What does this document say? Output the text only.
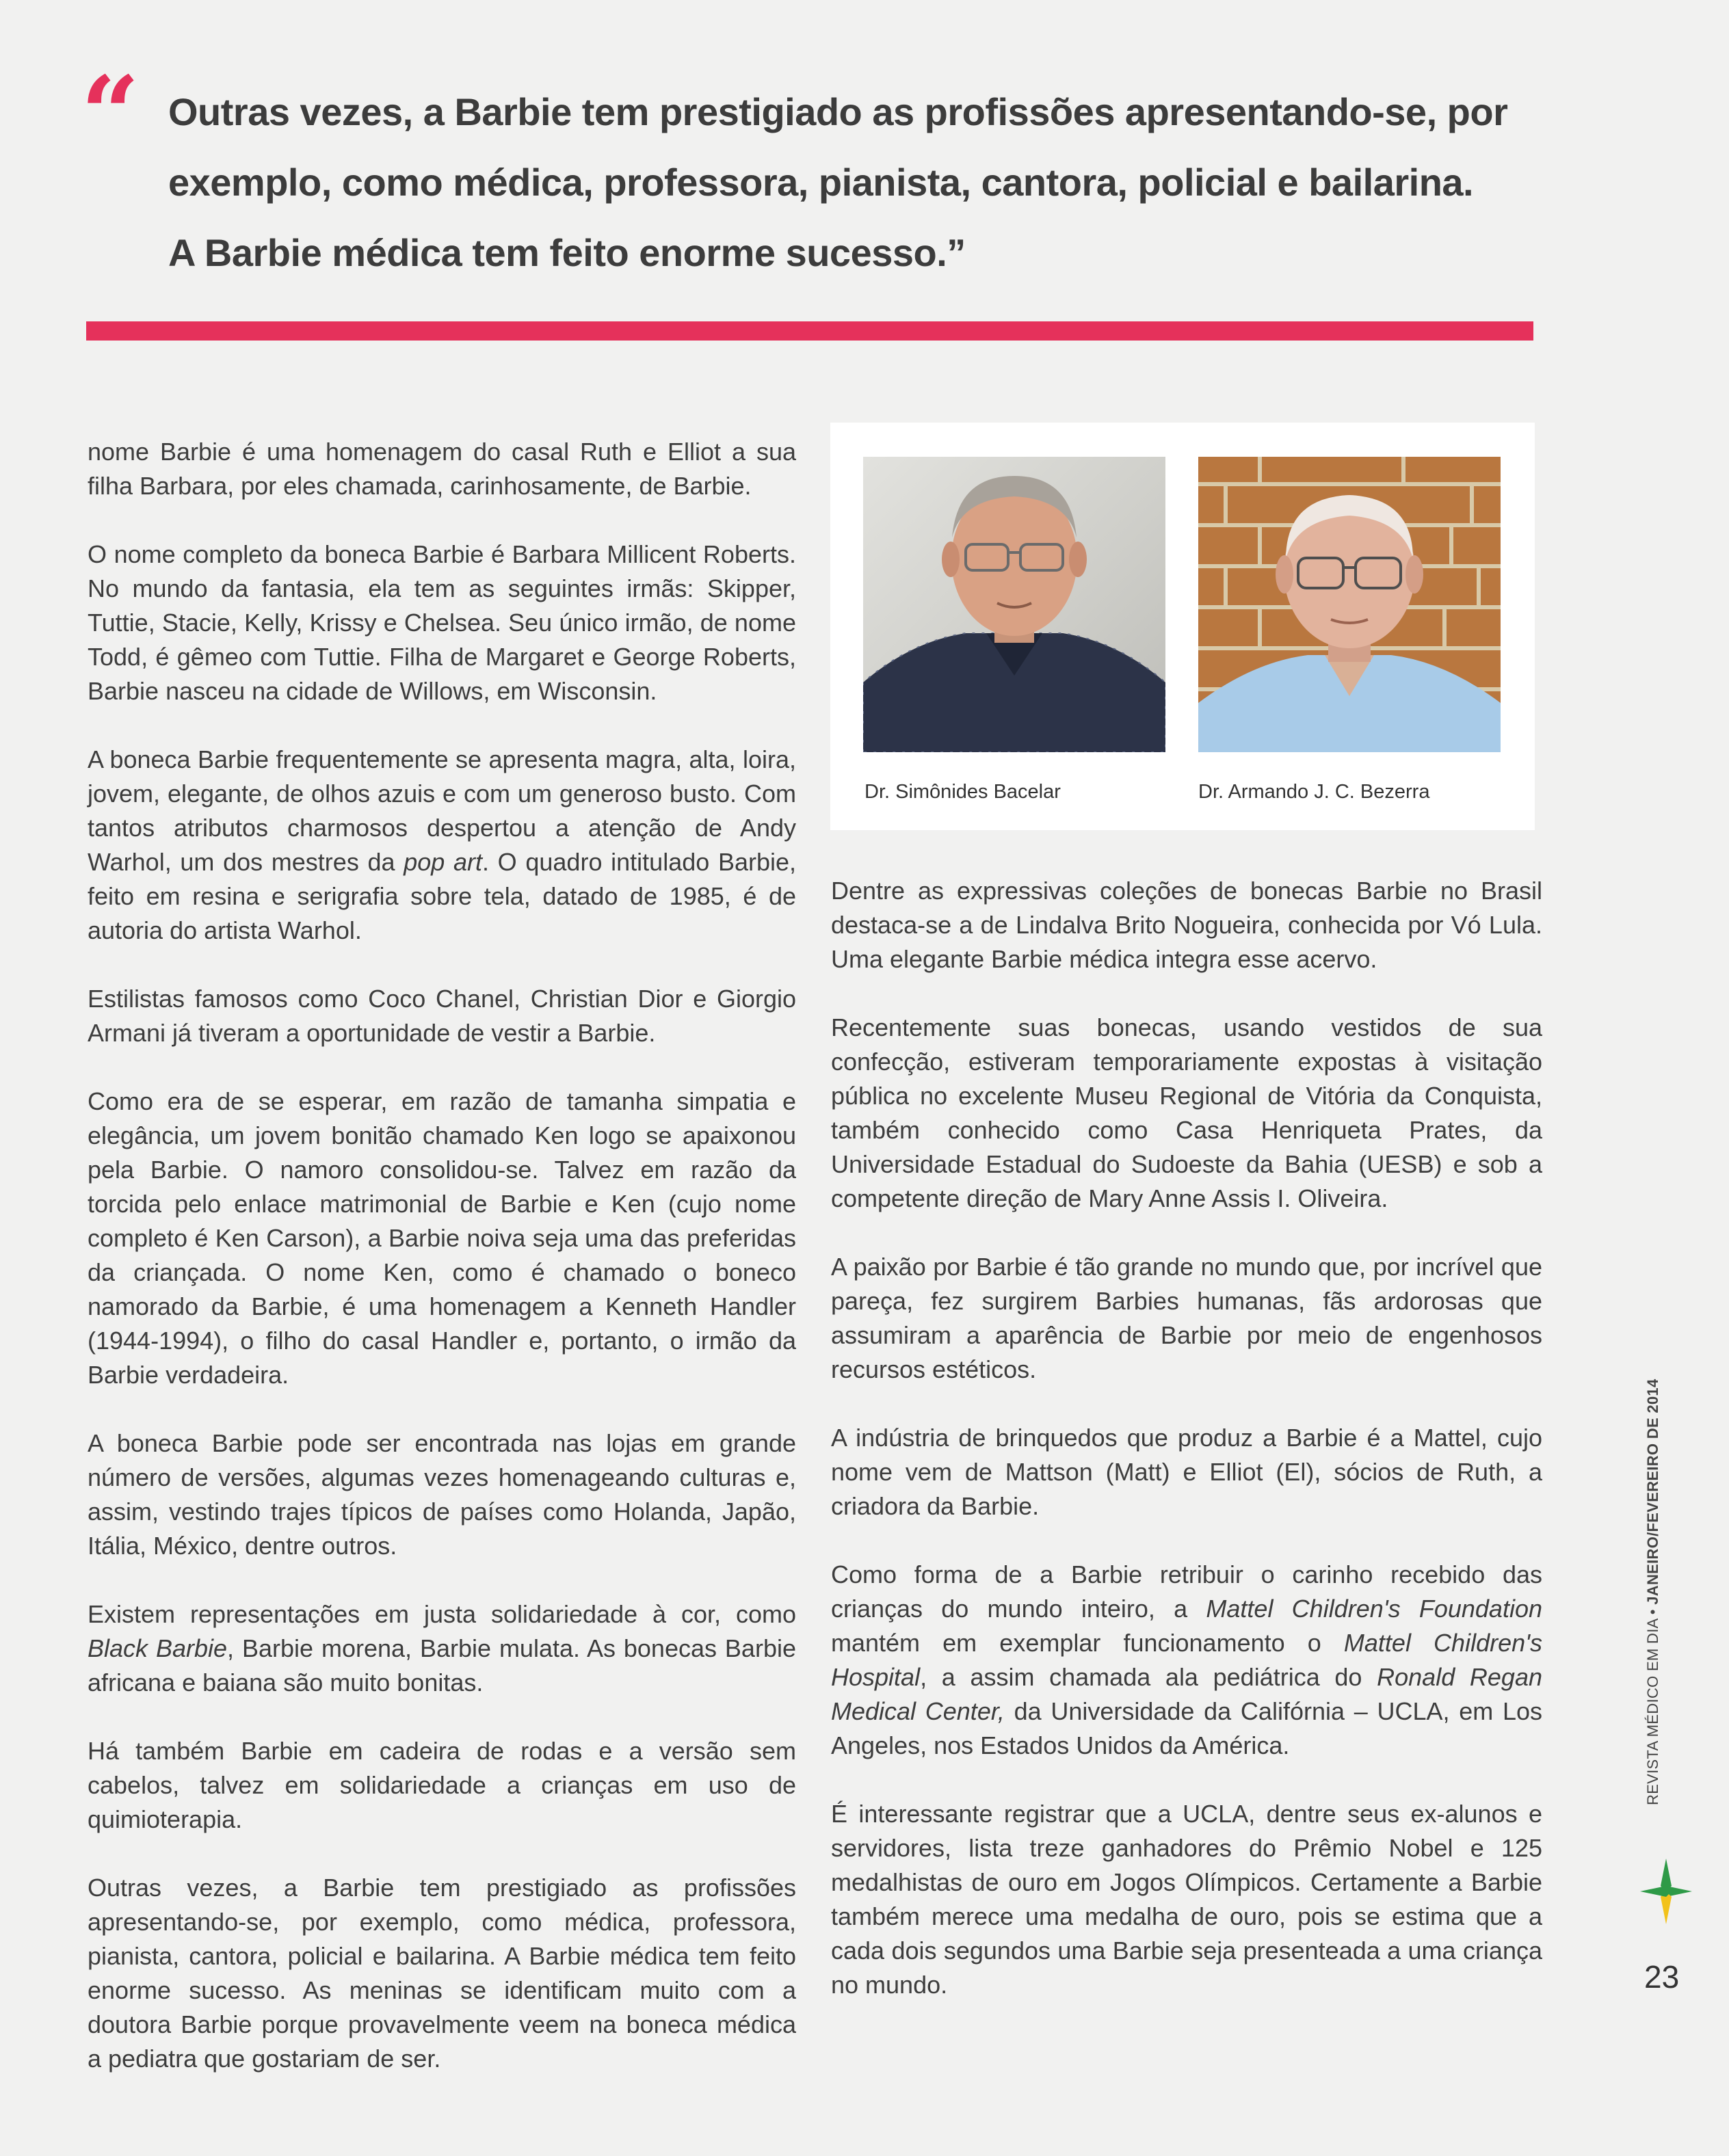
“ Outras vezes, a Barbie tem prestigiado as profissões apresentando-se, por
exemplo, como médica, professora, pianista, cantora, policial e bailarina.
A Barbie médica tem feito enorme sucesso.”

nome Barbie é uma homenagem do casal Ruth e Elliot a sua filha Barbara, por eles chamada, carinhosamente, de Barbie.

O nome completo da boneca Barbie é Barbara Millicent Roberts. No mundo da fantasia, ela tem as seguintes irmãs: Skipper, Tuttie, Stacie, Kelly, Krissy e Chelsea. Seu único irmão, de nome Todd, é gêmeo com Tuttie. Filha de Margaret e George Roberts, Barbie nasceu na cidade de Willows, em Wisconsin.

A boneca Barbie frequentemente se apresenta magra, alta, loira, jovem, elegante, de olhos azuis e com um generoso busto. Com tantos atributos charmosos despertou a atenção de Andy Warhol, um dos mestres da pop art. O quadro intitulado Barbie, feito em resina e serigrafia sobre tela, datado de 1985, é de autoria do artista Warhol.

Estilistas famosos como Coco Chanel, Christian Dior e Giorgio Armani já tiveram a oportunidade de vestir a Barbie.

Como era de se esperar, em razão de tamanha simpatia e elegância, um jovem bonitão chamado Ken logo se apaixonou pela Barbie. O namoro consolidou-se. Talvez em razão da torcida pelo enlace matrimonial de Barbie e Ken (cujo nome completo é Ken Carson), a Barbie noiva seja uma das preferidas da criançada. O nome Ken, como é chamado o boneco namorado da Barbie, é uma homenagem a Kenneth Handler (1944-1994), o filho do casal Handler e, portanto, o irmão da Barbie verdadeira.

A boneca Barbie pode ser encontrada nas lojas em grande número de versões, algumas vezes homenageando culturas e, assim, vestindo trajes típicos de países como Holanda, Japão, Itália, México, dentre outros.

Existem representações em justa solidariedade à cor, como Black Barbie, Barbie morena, Barbie mulata. As bonecas Barbie africana e baiana são muito bonitas.

Há também Barbie em cadeira de rodas e a versão sem cabelos, talvez em solidariedade a crianças em uso de quimioterapia.

Outras vezes, a Barbie tem prestigiado as profissões apresentando-se, por exemplo, como médica, professora, pianista, cantora, policial e bailarina. A Barbie médica tem feito enorme sucesso. As meninas se identificam muito com a doutora Barbie porque provavelmente veem na boneca médica a pediatra que gostariam de ser.

Dr. Simônides Bacelar	Dr. Armando J. C. Bezerra

Dentre as expressivas coleções de bonecas Barbie no Brasil destaca-se a de Lindalva Brito Nogueira, conhecida por Vó Lula. Uma elegante Barbie médica integra esse acervo.

Recentemente suas bonecas, usando vestidos de sua confecção, estiveram temporariamente expostas à visitação pública no excelente Museu Regional de Vitória da Conquista, também conhecido como Casa Henriqueta Prates, da Universidade Estadual do Sudoeste da Bahia (UESB) e sob a competente direção de Mary Anne Assis I. Oliveira.

A paixão por Barbie é tão grande no mundo que, por incrível que pareça, fez surgirem Barbies humanas, fãs ardorosas que assumiram a aparência de Barbie por meio de engenhosos recursos estéticos.

A indústria de brinquedos que produz a Barbie é a Mattel, cujo nome vem de Mattson (Matt) e Elliot (El), sócios de Ruth, a criadora da Barbie.

Como forma de a Barbie retribuir o carinho recebido das crianças do mundo inteiro, a Mattel Children's Foundation mantém em exemplar funcionamento o Mattel Children's Hospital, a assim chamada ala pediátrica do Ronald Regan Medical Center, da Universidade da Califórnia – UCLA, em Los Angeles, nos Estados Unidos da América.

É interessante registrar que a UCLA, dentre seus ex-alunos e servidores, lista treze ganhadores do Prêmio Nobel e 125 medalhistas de ouro em Jogos Olímpicos. Certamente a Barbie também merece uma medalha de ouro, pois se estima que a cada dois segundos uma Barbie seja presenteada a uma criança no mundo.

REVISTA MÉDICO EM DIA • JANEIRO/FEVEREIRO DE 2014
23
